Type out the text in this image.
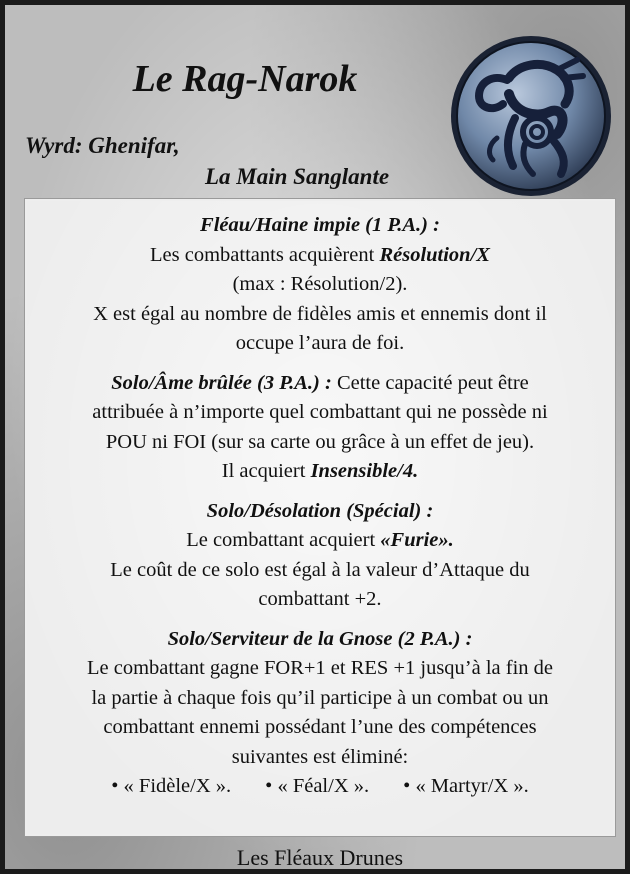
Le Rag-Narok
Wyrd: Ghenifar,
La Main Sanglante
Fléau/Haine impie (1 P.A.) :
Les combattants acquièrent Résolution/X
(max : Résolution/2).
X est égal au nombre de fidèles amis et ennemis dont il
occupe l’aura de foi.
Solo/Âme brûlée (3 P.A.) : Cette capacité peut être
attribuée à n’importe quel combattant qui ne possède ni
POU ni FOI (sur sa carte ou grâce à un effet de jeu).
Il acquiert Insensible/4.
Solo/Désolation (Spécial) :
Le combattant acquiert «Furie».
Le coût de ce solo est égal à la valeur d’Attaque du
combattant +2.
Solo/Serviteur de la Gnose (2 P.A.) :
Le combattant gagne FOR+1 et RES +1 jusqu’à la fin de
la partie à chaque fois qu’il participe à un combat ou un
combattant ennemi possédant l’une des compétences
suivantes est éliminé:
• « Fidèle/X ». • « Féal/X ». • « Martyr/X ».
Les Fléaux Drunes
